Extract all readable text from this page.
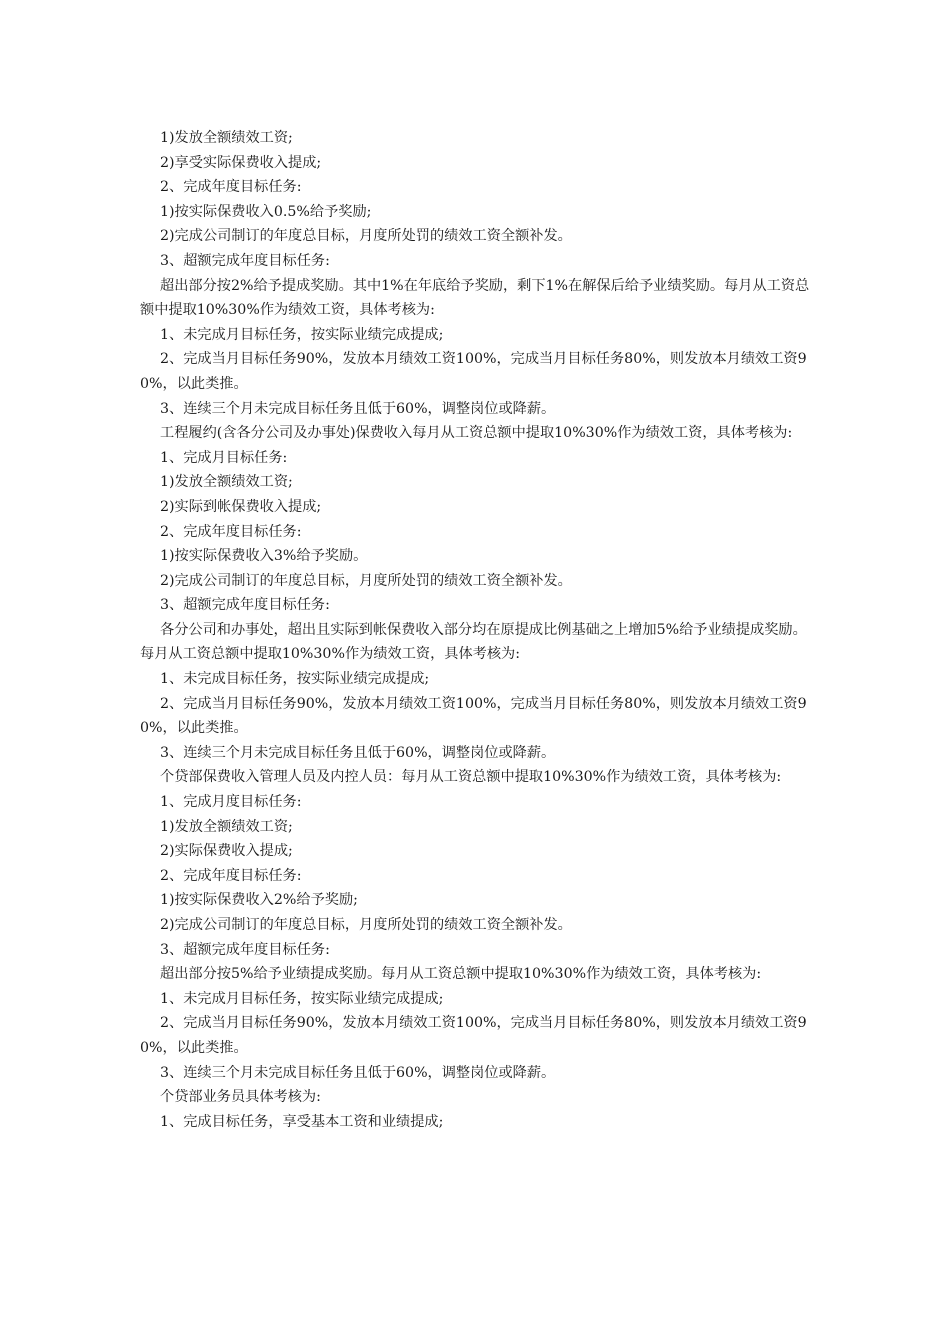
1)发放全额绩效工资;

2)享受实际保费收入提成;

2、完成年度目标任务:

1)按实际保费收入0.5%给予奖励;

2)完成公司制订的年度总目标，月度所处罚的绩效工资全额补发。

3、超额完成年度目标任务:

超出部分按2%给予提成奖励。其中1%在年底给予奖励，剩下1%在解保后给予业绩奖励。每月从工资总额中提取10%30%作为绩效工资，具体考核为:

1、未完成月目标任务，按实际业绩完成提成;

2、完成当月目标任务90%，发放本月绩效工资100%，完成当月目标任务80%，则发放本月绩效工资90%，以此类推。

3、连续三个月未完成目标任务且低于60%，调整岗位或降薪。

工程履约(含各分公司及办事处)保费收入每月从工资总额中提取10%30%作为绩效工资，具体考核为:

1、完成月目标任务:

1)发放全额绩效工资;

2)实际到帐保费收入提成;

2、完成年度目标任务:

1)按实际保费收入3%给予奖励。

2)完成公司制订的年度总目标，月度所处罚的绩效工资全额补发。

3、超额完成年度目标任务:

各分公司和办事处，超出且实际到帐保费收入部分均在原提成比例基础之上增加5%给予业绩提成奖励。每月从工资总额中提取10%30%作为绩效工资，具体考核为:

1、未完成目标任务，按实际业绩完成提成;

2、完成当月目标任务90%，发放本月绩效工资100%，完成当月目标任务80%，则发放本月绩效工资90%，以此类推。

3、连续三个月未完成目标任务且低于60%，调整岗位或降薪。

个贷部保费收入管理人员及内控人员：每月从工资总额中提取10%30%作为绩效工资，具体考核为:

1、完成月度目标任务:

1)发放全额绩效工资;

2)实际保费收入提成;

2、完成年度目标任务:

1)按实际保费收入2%给予奖励;

2)完成公司制订的年度总目标，月度所处罚的绩效工资全额补发。

3、超额完成年度目标任务:

超出部分按5%给予业绩提成奖励。每月从工资总额中提取10%30%作为绩效工资，具体考核为:

1、未完成月目标任务，按实际业绩完成提成;

2、完成当月目标任务90%，发放本月绩效工资100%，完成当月目标任务80%，则发放本月绩效工资90%，以此类推。

3、连续三个月未完成目标任务且低于60%，调整岗位或降薪。

个贷部业务员具体考核为:

1、完成目标任务，享受基本工资和业绩提成;
